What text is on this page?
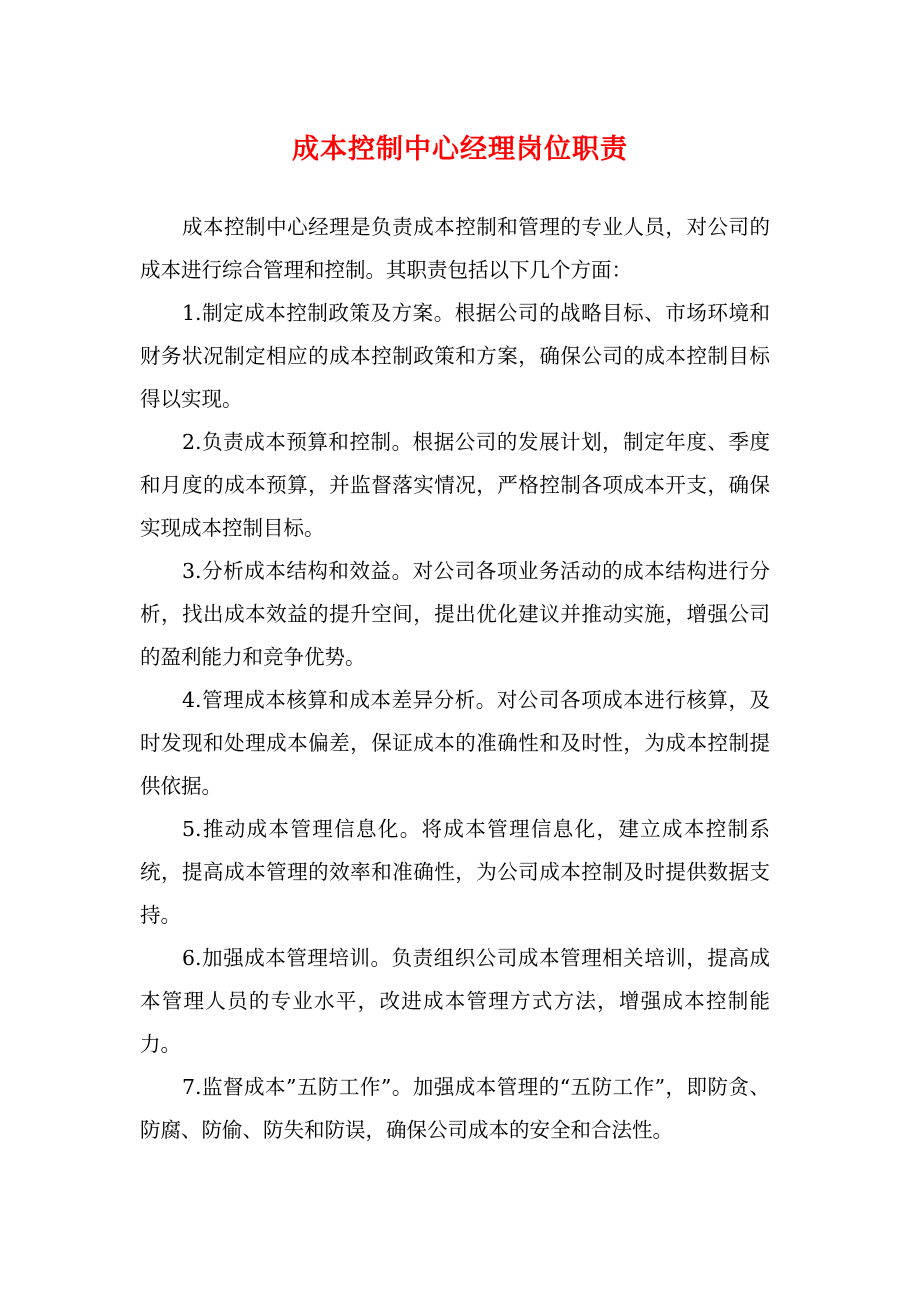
成本控制中心经理岗位职责

成本控制中心经理是负责成本控制和管理的专业人员，对公司的成本进行综合管理和控制。其职责包括以下几个方面：

1.制定成本控制政策及方案。根据公司的战略目标、市场环境和财务状况制定相应的成本控制政策和方案，确保公司的成本控制目标得以实现。

2.负责成本预算和控制。根据公司的发展计划，制定年度、季度和月度的成本预算，并监督落实情况，严格控制各项成本开支，确保实现成本控制目标。

3.分析成本结构和效益。对公司各项业务活动的成本结构进行分析，找出成本效益的提升空间，提出优化建议并推动实施，增强公司的盈利能力和竞争优势。

4.管理成本核算和成本差异分析。对公司各项成本进行核算，及时发现和处理成本偏差，保证成本的准确性和及时性，为成本控制提供依据。

5.推动成本管理信息化。将成本管理信息化，建立成本控制系统，提高成本管理的效率和准确性，为公司成本控制及时提供数据支持。

6.加强成本管理培训。负责组织公司成本管理相关培训，提高成本管理人员的专业水平，改进成本管理方式方法，增强成本控制能力。

7.监督成本”五防工作”。加强成本管理的“五防工作”，即防贪、防腐、防偷、防失和防误，确保公司成本的安全和合法性。
